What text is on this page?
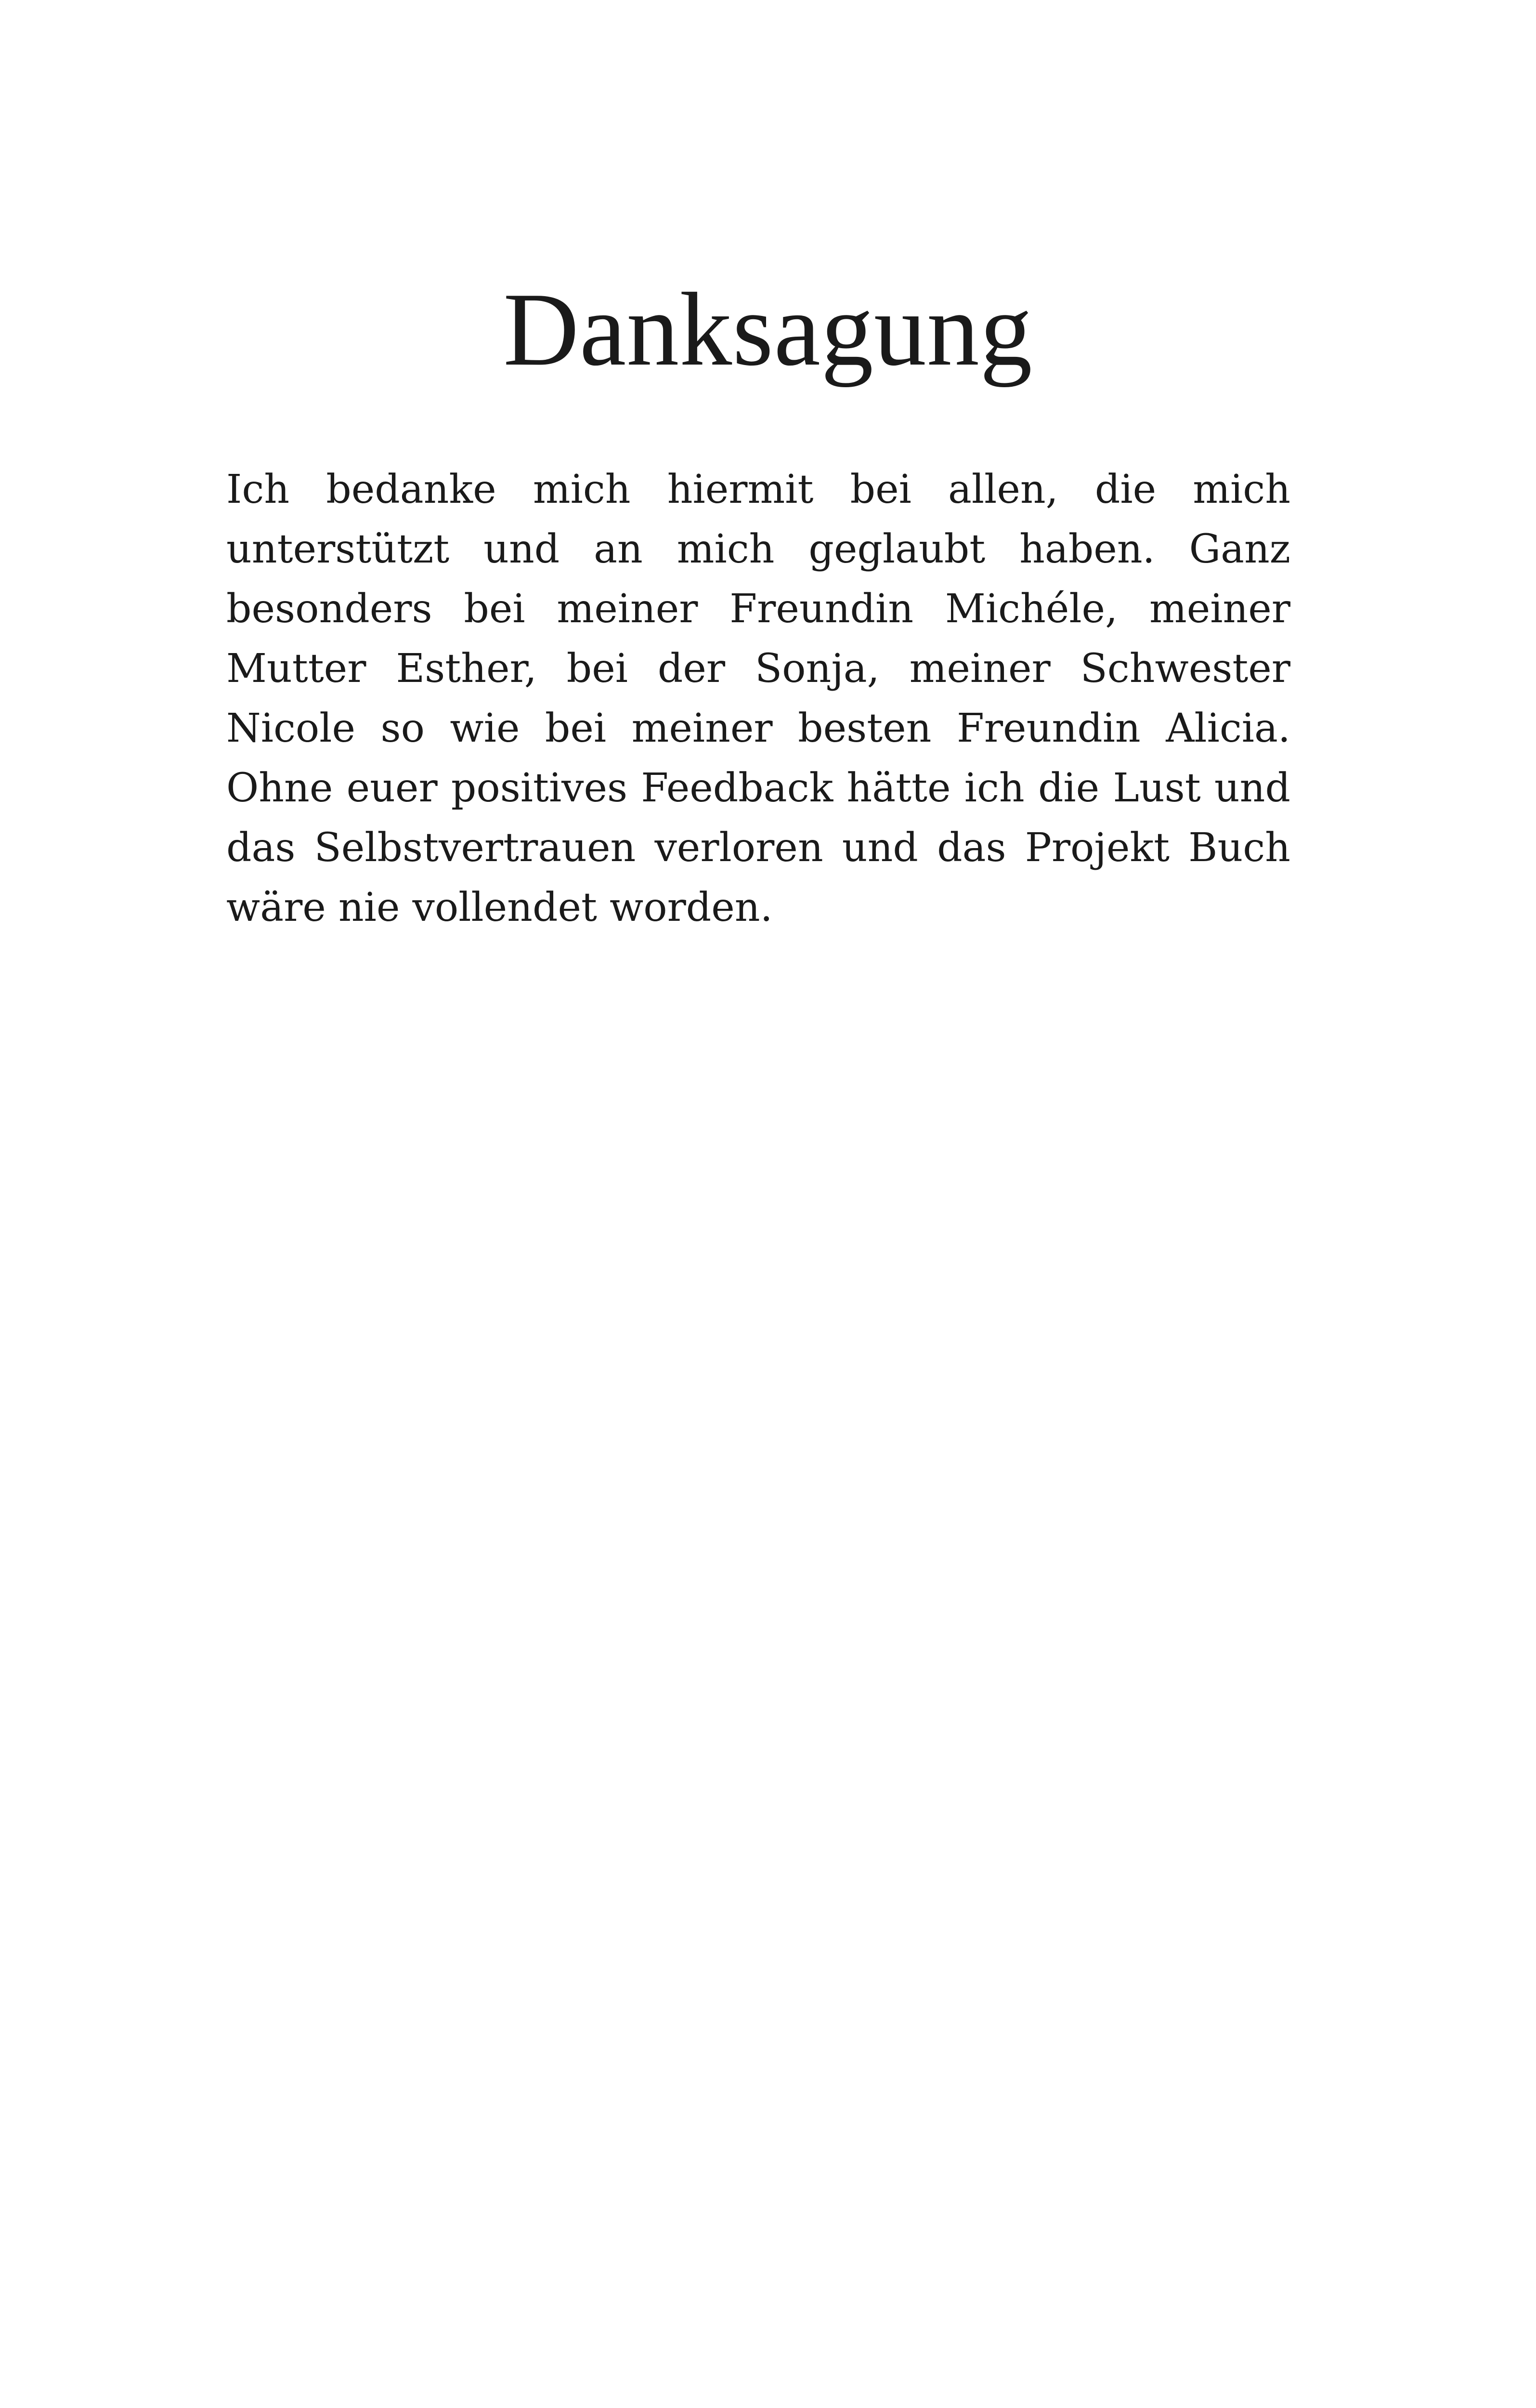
Danksagung

Ich bedanke mich hiermit bei allen, die mich unterstützt und an mich geglaubt haben. Ganz besonders bei meiner Freundin Michéle, meiner Mutter Esther, bei der Sonja, meiner Schwester Nicole so wie bei meiner besten Freundin Alicia. Ohne euer positives Feedback hätte ich die Lust und das Selbstvertrauen verloren und das Projekt Buch wäre nie vollendet worden.
